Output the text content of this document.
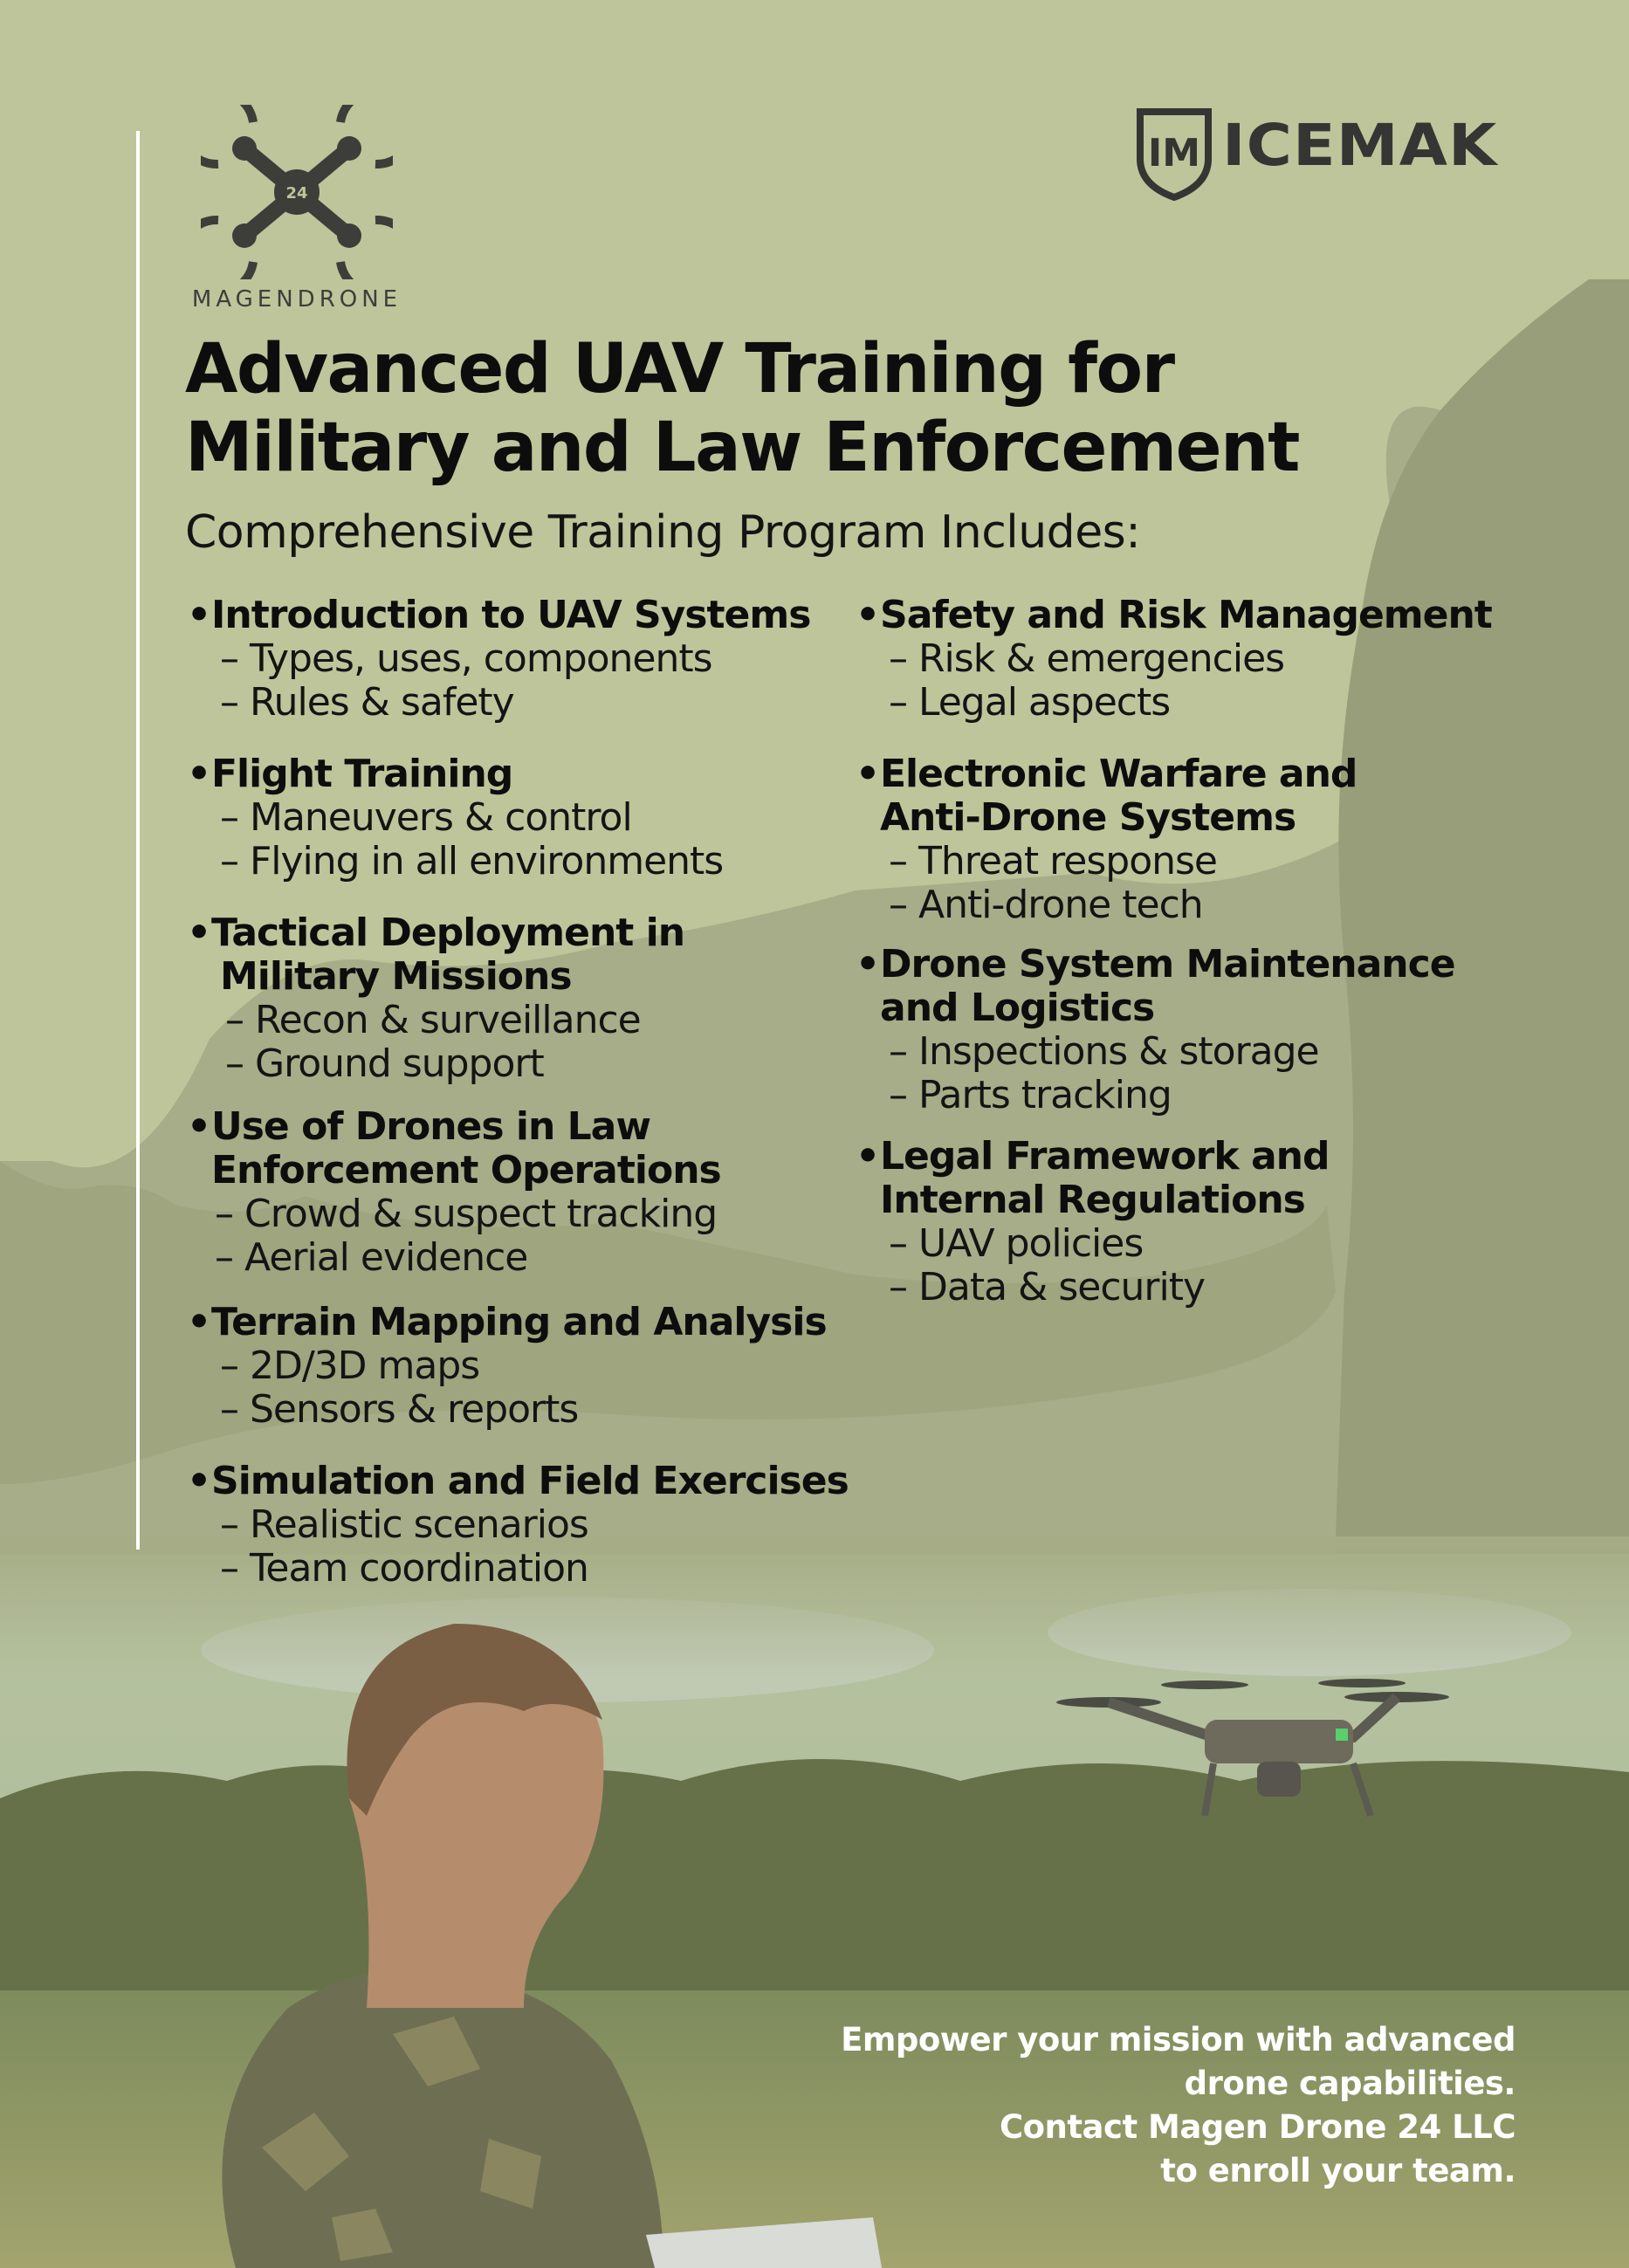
24
MAGENDRONE
IM ICEMAK
Advanced UAV Training for
Military and Law Enforcement
Comprehensive Training Program Includes:
• Introduction to UAV Systems
– Types, uses, components
– Rules & safety
• Flight Training
– Maneuvers & control
– Flying in all environments
• Tactical Deployment in
Military Missions
– Recon & surveillance
– Ground support
• Use of Drones in Law
Enforcement Operations
– Crowd & suspect tracking
– Aerial evidence
• Terrain Mapping and Analysis
– 2D/3D maps
– Sensors & reports
• Simulation and Field Exercises
– Realistic scenarios
– Team coordination
• Safety and Risk Management
– Risk & emergencies
– Legal aspects
• Electronic Warfare and
Anti-Drone Systems
– Threat response
– Anti-drone tech
• Drone System Maintenance
and Logistics
– Inspections & storage
– Parts tracking
• Legal Framework and
Internal Regulations
– UAV policies
– Data & security
Empower your mission with advanced
drone capabilities.
Contact Magen Drone 24 LLC
to enroll your team.
